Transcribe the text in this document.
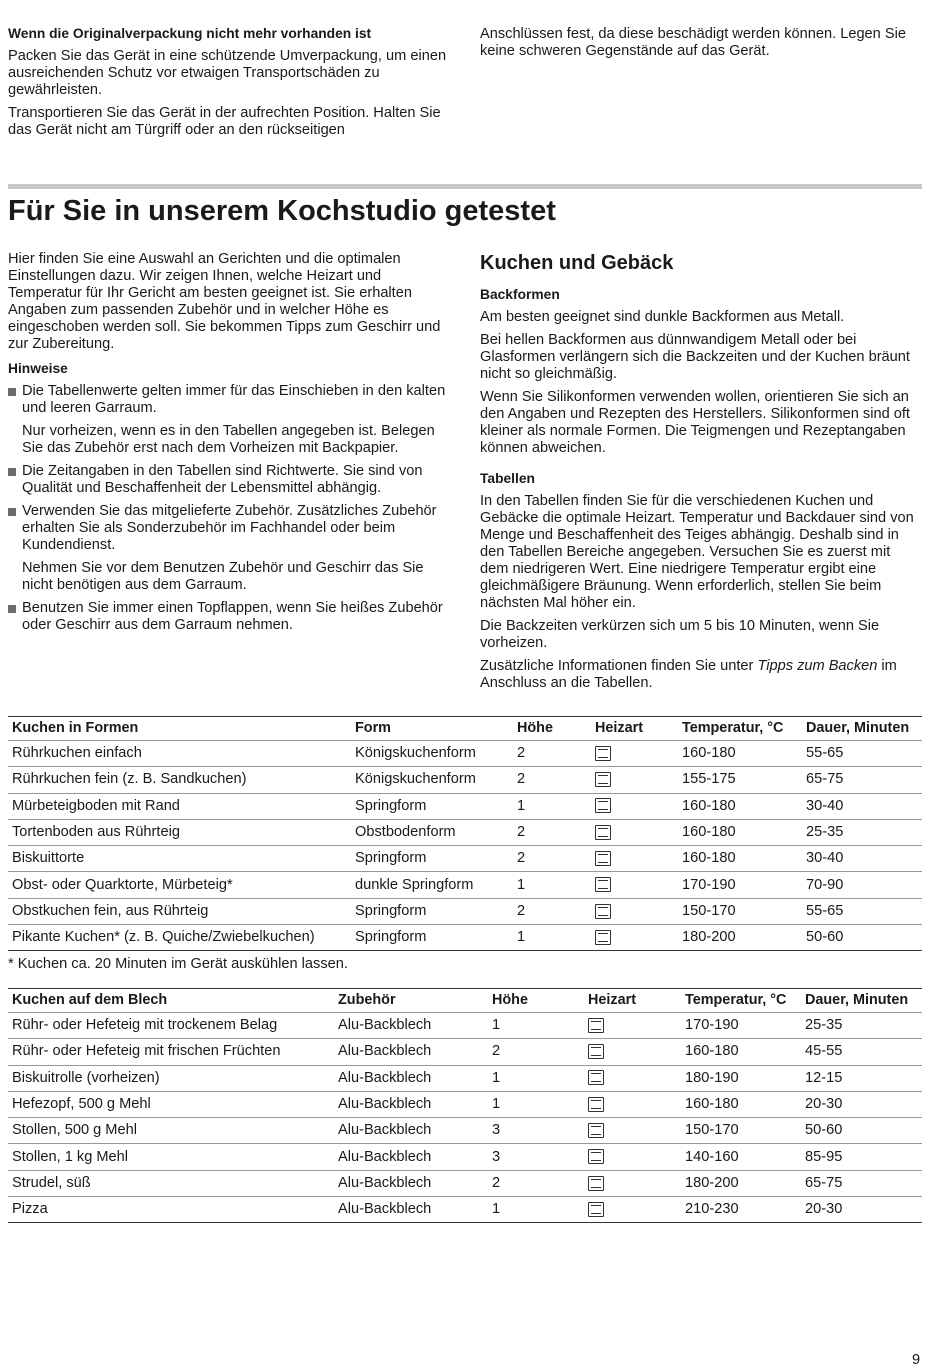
Wenn die Originalverpackung nicht mehr vorhanden ist

Packen Sie das Gerät in eine schützende Umverpackung, um einen ausreichenden Schutz vor etwaigen Transportschäden zu gewährleisten.

Transportieren Sie das Gerät in der aufrechten Position. Halten Sie das Gerät nicht am Türgriff oder an den rückseitigen

Anschlüssen fest, da diese beschädigt werden können. Legen Sie keine schweren Gegenstände auf das Gerät.

Für Sie in unserem Kochstudio getestet

Hier finden Sie eine Auswahl an Gerichten und die optimalen Einstellungen dazu. Wir zeigen Ihnen, welche Heizart und Temperatur für Ihr Gericht am besten geeignet ist. Sie erhalten Angaben zum passenden Zubehör und in welcher Höhe es eingeschoben werden soll. Sie bekommen Tipps zum Geschirr und zur Zubereitung.

Hinweise

Die Tabellenwerte gelten immer für das Einschieben in den kalten und leeren Garraum.

Nur vorheizen, wenn es in den Tabellen angegeben ist. Belegen Sie das Zubehör erst nach dem Vorheizen mit Backpapier.

Die Zeitangaben in den Tabellen sind Richtwerte. Sie sind von Qualität und Beschaffenheit der Lebensmittel abhängig.

Verwenden Sie das mitgelieferte Zubehör. Zusätzliches Zubehör erhalten Sie als Sonderzubehör im Fachhandel oder beim Kundendienst.

Nehmen Sie vor dem Benutzen Zubehör und Geschirr das Sie nicht benötigen aus dem Garraum.

Benutzen Sie immer einen Topflappen, wenn Sie heißes Zubehör oder Geschirr aus dem Garraum nehmen.

Kuchen und Gebäck
Backformen

Am besten geeignet sind dunkle Backformen aus Metall.

Bei hellen Backformen aus dünnwandigem Metall oder bei Glasformen verlängern sich die Backzeiten und der Kuchen bräunt nicht so gleichmäßig.

Wenn Sie Silikonformen verwenden wollen, orientieren Sie sich an den Angaben und Rezepten des Herstellers. Silikonformen sind oft kleiner als normale Formen. Die Teigmengen und Rezeptangaben können abweichen.

Tabellen

In den Tabellen finden Sie für die verschiedenen Kuchen und Gebäcke die optimale Heizart. Temperatur und Backdauer sind von Menge und Beschaffenheit des Teiges abhängig. Deshalb sind in den Tabellen Bereiche angegeben. Versuchen Sie es zuerst mit dem niedrigeren Wert. Eine niedrigere Temperatur ergibt eine gleichmäßigere Bräunung. Wenn erforderlich, stellen Sie beim nächsten Mal höher ein.

Die Backzeiten verkürzen sich um 5 bis 10 Minuten, wenn Sie vorheizen.

Zusätzliche Informationen finden Sie unter Tipps zum Backen im Anschluss an die Tabellen.

Kuchen in Formen	Form	Höhe	Heizart	Temperatur, °C	Dauer, Minuten
Rührkuchen einfach	Königskuchenform	2		160-180	55-65
Rührkuchen fein (z. B. Sandkuchen)	Königskuchenform	2		155-175	65-75
Mürbeteigboden mit Rand	Springform	1		160-180	30-40
Tortenboden aus Rührteig	Obstbodenform	2		160-180	25-35
Biskuittorte	Springform	2		160-180	30-40
Obst- oder Quarktorte, Mürbeteig*	dunkle Springform	1		170-190	70-90
Obstkuchen fein, aus Rührteig	Springform	2		150-170	55-65
Pikante Kuchen* (z. B. Quiche/Zwiebelkuchen)	Springform	1		180-200	50-60
* Kuchen ca. 20 Minuten im Gerät auskühlen lassen.
Kuchen auf dem Blech	Zubehör	Höhe	Heizart	Temperatur, °C	Dauer, Minuten
Rühr- oder Hefeteig mit trockenem Belag	Alu-Backblech	1		170-190	25-35
Rühr- oder Hefeteig mit frischen Früchten	Alu-Backblech	2		160-180	45-55
Biskuitrolle (vorheizen)	Alu-Backblech	1		180-190	12-15
Hefezopf, 500 g Mehl	Alu-Backblech	1		160-180	20-30
Stollen, 500 g Mehl	Alu-Backblech	3		150-170	50-60
Stollen, 1 kg Mehl	Alu-Backblech	3		140-160	85-95
Strudel, süß	Alu-Backblech	2		180-200	65-75
Pizza	Alu-Backblech	1		210-230	20-30
9
